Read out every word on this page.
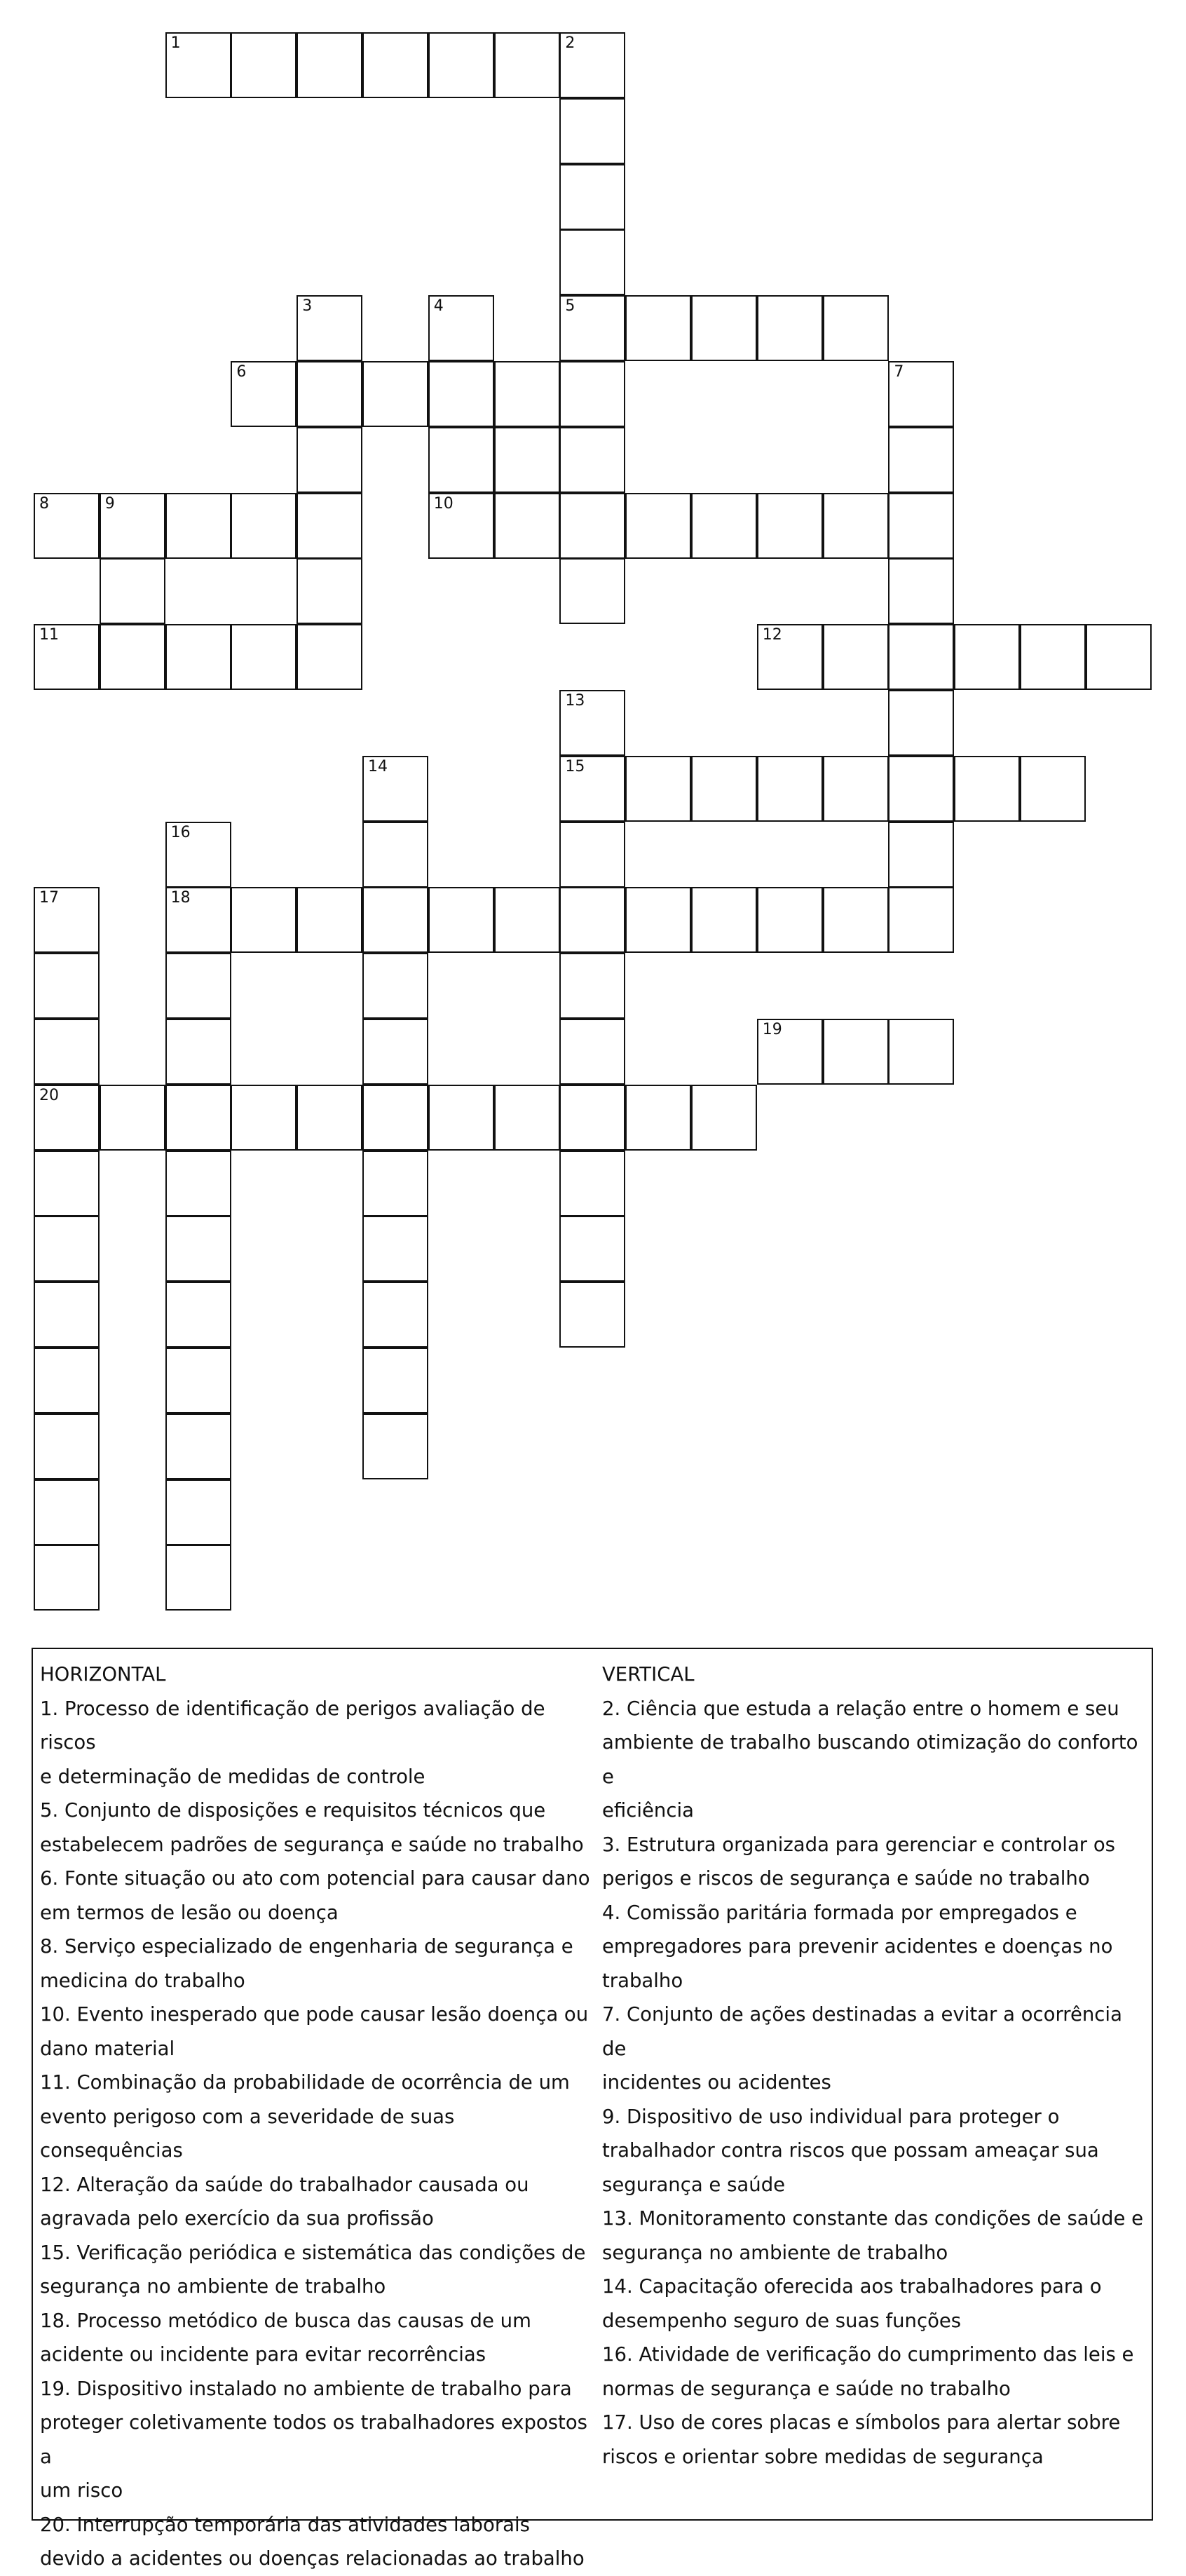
1	2
3	4	5
6	7
8	9	10
11	12
13
14	15
16
17	18
19
20
HORIZONTAL
1. Processo de identificação de perigos avaliação de riscos
e determinação de medidas de controle
5. Conjunto de disposições e requisitos técnicos que
estabelecem padrões de segurança e saúde no trabalho
6. Fonte situação ou ato com potencial para causar dano
em termos de lesão ou doença
8. Serviço especializado de engenharia de segurança e
medicina do trabalho
10. Evento inesperado que pode causar lesão doença ou
dano material
11. Combinação da probabilidade de ocorrência de um
evento perigoso com a severidade de suas consequências
12. Alteração da saúde do trabalhador causada ou
agravada pelo exercício da sua profissão
15. Verificação periódica e sistemática das condições de
segurança no ambiente de trabalho
18. Processo metódico de busca das causas de um
acidente ou incidente para evitar recorrências
19. Dispositivo instalado no ambiente de trabalho para
proteger coletivamente todos os trabalhadores expostos a
um risco
20. Interrupção temporária das atividades laborais
devido a acidentes ou doenças relacionadas ao trabalho
VERTICAL
2. Ciência que estuda a relação entre o homem e seu
ambiente de trabalho buscando otimização do conforto e
eficiência
3. Estrutura organizada para gerenciar e controlar os
perigos e riscos de segurança e saúde no trabalho
4. Comissão paritária formada por empregados e
empregadores para prevenir acidentes e doenças no
trabalho
7. Conjunto de ações destinadas a evitar a ocorrência de
incidentes ou acidentes
9. Dispositivo de uso individual para proteger o
trabalhador contra riscos que possam ameaçar sua
segurança e saúde
13. Monitoramento constante das condições de saúde e
segurança no ambiente de trabalho
14. Capacitação oferecida aos trabalhadores para o
desempenho seguro de suas funções
16. Atividade de verificação do cumprimento das leis e
normas de segurança e saúde no trabalho
17. Uso de cores placas e símbolos para alertar sobre
riscos e orientar sobre medidas de segurança
